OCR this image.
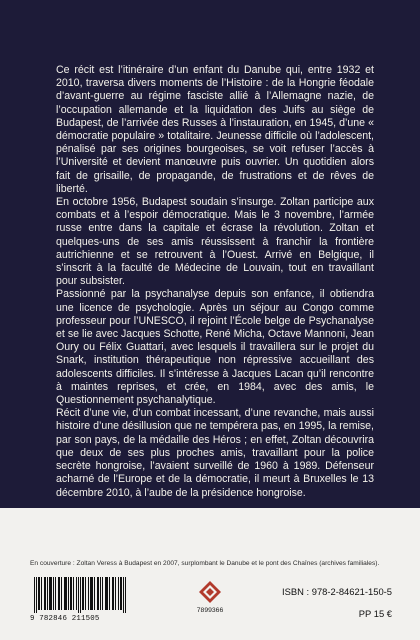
Ce récit est l’itinéraire d’un enfant du Danube qui, entre 1932 et 2010, traversa divers moments de l’Histoire : de la Hongrie féodale d’avant-guerre au régime fasciste allié à l’Allemagne nazie, de l’occupation allemande et la liquidation des Juifs au siège de Budapest, de l’arrivée des Russes à l’instauration, en 1945, d’une « démocratie populaire » totalitaire. Jeunesse difficile où l’adolescent, pénalisé par ses origines bourgeoises, se voit refuser l’accès à l’Université et devient manœuvre puis ouvrier. Un quotidien alors fait de grisaille, de propagande, de frustrations et de rêves de liberté.

En octobre 1956, Budapest soudain s’insurge. Zoltan participe aux combats et à l’espoir démocratique. Mais le 3 novembre, l’armée russe entre dans la capitale et écrase la révolution. Zoltan et quelques-uns de ses amis réussissent à franchir la frontière autrichienne et se retrouvent à l’Ouest. Arrivé en Belgique, il s’inscrit à la faculté de Médecine de Louvain, tout en travaillant pour subsister.

Passionné par la psychanalyse depuis son enfance, il obtiendra une licence de psychologie. Après un séjour au Congo comme professeur pour l’UNESCO, il rejoint l’École belge de Psychanalyse et se lie avec Jacques Schotte, René Micha, Octave Mannoni, Jean Oury ou Félix Guattari, avec lesquels il travaillera sur le projet du Snark, institution thérapeutique non répressive accueillant des adolescents difficiles. Il s’intéresse à Jacques Lacan qu’il rencontre à maintes reprises, et crée, en 1984, avec des amis, le Questionnement psychanalytique.

Récit d’une vie, d’un combat incessant, d’une revanche, mais aussi histoire d’une désillusion que ne tempérera pas, en 1995, la remise, par son pays, de la médaille des Héros ; en effet, Zoltan découvrira que deux de ses plus proches amis, travaillant pour la police secrète hongroise, l’avaient surveillé de 1960 à 1989. Défenseur acharné de l’Europe et de la démocratie, il meurt à Bruxelles le 13 décembre 2010, à l’aube de la présidence hongroise.

En couverture : Zoltan Veress à Budapest en 2007, surplombant le Danube et le pont des Chaînes (archives familiales).
9 782846 211505
7899366
ISBN : 978-2-84621-150-5
PP 15 €
